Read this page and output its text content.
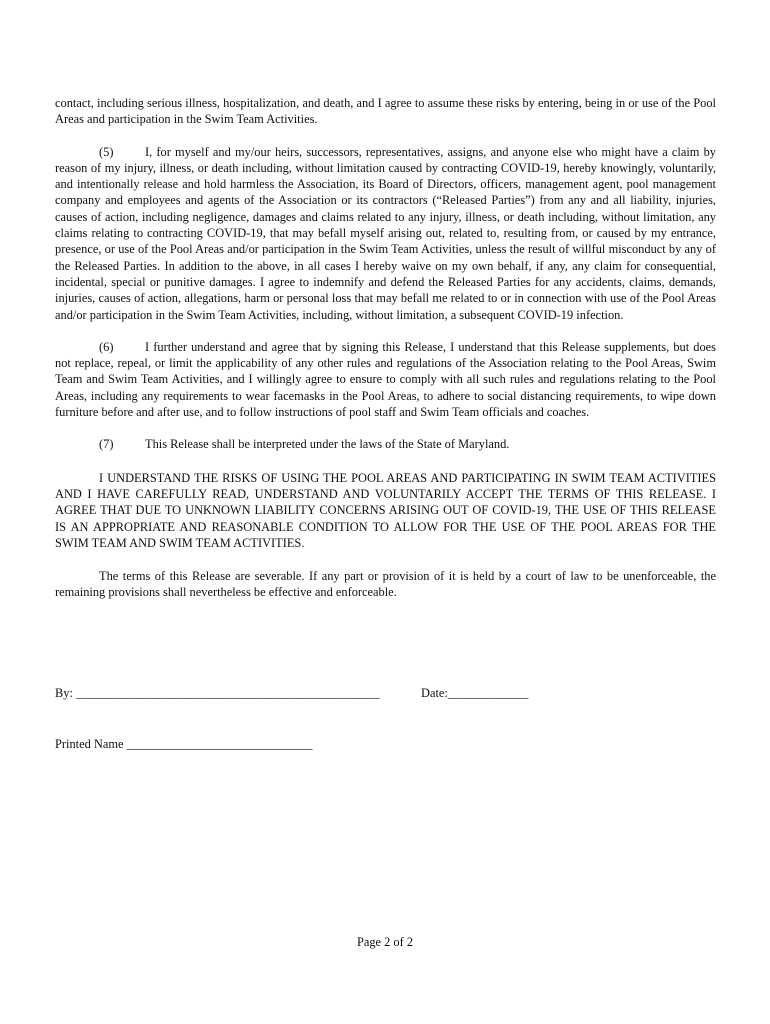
contact, including serious illness, hospitalization, and death, and I agree to assume these risks by entering, being in or use of the Pool Areas and participation in the Swim Team Activities.

(5)	I, for myself and my/our heirs, successors, representatives, assigns, and anyone else who might have a claim by reason of my injury, illness, or death including, without limitation caused by contracting COVID-19, hereby knowingly, voluntarily, and intentionally release and hold harmless the Association, its Board of Directors, officers, management agent, pool management company and employees and agents of the Association or its contractors (“Released Parties”) from any and all liability, injuries, causes of action, including negligence, damages and claims related to any injury, illness, or death including, without limitation, any claims relating to contracting COVID-19, that may befall myself arising out, related to, resulting from, or caused by my entrance, presence, or use of the Pool Areas and/or participation in the Swim Team Activities, unless the result of willful misconduct by any of the Released Parties. In addition to the above, in all cases I hereby waive on my own behalf, if any, any claim for consequential, incidental, special or punitive damages. I agree to indemnify and defend the Released Parties for any accidents, claims, demands, injuries, causes of action, allegations, harm or personal loss that may befall me related to or in connection with use of the Pool Areas and/or participation in the Swim Team Activities, including, without limitation, a subsequent COVID-19 infection.

(6)	I further understand and agree that by signing this Release, I understand that this Release supplements, but does not replace, repeal, or limit the applicability of any other rules and regulations of the Association relating to the Pool Areas, Swim Team and Swim Team Activities, and I willingly agree to ensure to comply with all such rules and regulations relating to the Pool Areas, including any requirements to wear facemasks in the Pool Areas, to adhere to social distancing requirements, to wipe down furniture before and after use, and to follow instructions of pool staff and Swim Team officials and coaches.

(7)	This Release shall be interpreted under the laws of the State of Maryland.

I UNDERSTAND THE RISKS OF USING THE POOL AREAS AND PARTICIPATING IN SWIM TEAM ACTIVITIES AND I HAVE CAREFULLY READ, UNDERSTAND AND VOLUNTARILY ACCEPT THE TERMS OF THIS RELEASE. I AGREE THAT DUE TO UNKNOWN LIABILITY CONCERNS ARISING OUT OF COVID-19, THE USE OF THIS RELEASE IS AN APPROPRIATE AND REASONABLE CONDITION TO ALLOW FOR THE USE OF THE POOL AREAS FOR THE SWIM TEAM AND SWIM TEAM ACTIVITIES.

The terms of this Release are severable. If any part or provision of it is held by a court of law to be unenforceable, the remaining provisions shall nevertheless be effective and enforceable.

By: _________________________________________________	Date:_____________
Printed Name ______________________________
Page 2 of 2
